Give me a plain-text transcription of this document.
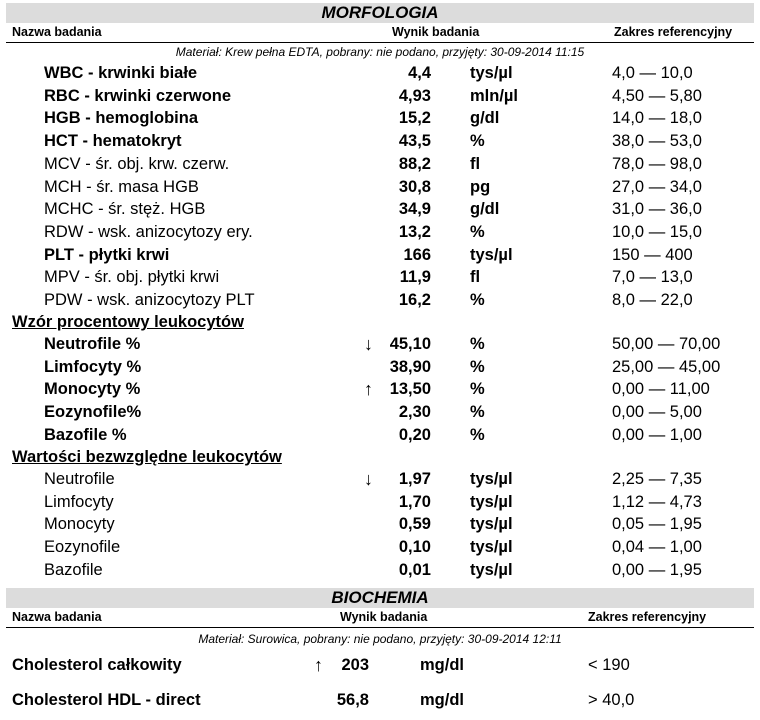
MORFOLOGIA
Nazwa badania	Wynik badania	Zakres referencyjny
Materiał: Krew pełna EDTA, pobrany: nie podano, przyjęty: 30-09-2014 11:15
WBC - krwinki białe	4,4 tys/µl	4,0 — 10,0
RBC - krwinki czerwone	4,93 mln/µl	4,50 — 5,80
HGB - hemoglobina	15,2 g/dl	14,0 — 18,0
HCT - hematokryt	43,5 %	38,0 — 53,0
MCV - śr. obj. krw. czerw.	88,2 fl	78,0 — 98,0
MCH - śr. masa HGB	30,8 pg	27,0 — 34,0
MCHC - śr. stęż. HGB	34,9 g/dl	31,0 — 36,0
RDW - wsk. anizocytozy ery.	13,2 %	10,0 — 15,0
PLT - płytki krwi	166 tys/µl	150 — 400
MPV - śr. obj. płytki krwi	11,9 fl	7,0 — 13,0
PDW - wsk. anizocytozy PLT	16,2 %	8,0 — 22,0
Wzór procentowy leukocytów
Neutrofile %	↓ 45,10 %	50,00 — 70,00
Limfocyty %	38,90 %	25,00 — 45,00
Monocyty %	↑ 13,50 %	0,00 — 11,00
Eozynofile%	2,30 %	0,00 — 5,00
Bazofile %	0,20 %	0,00 — 1,00
Wartości bezwzględne leukocytów
Neutrofile	↓ 1,97 tys/µl	2,25 — 7,35
Limfocyty	1,70 tys/µl	1,12 — 4,73
Monocyty	0,59 tys/µl	0,05 — 1,95
Eozynofile	0,10 tys/µl	0,04 — 1,00
Bazofile	0,01 tys/µl	0,00 — 1,95
BIOCHEMIA
Nazwa badania	Wynik badania	Zakres referencyjny
Materiał: Surowica, pobrany: nie podano, przyjęty: 30-09-2014 12:11
Cholesterol całkowity	↑ 203	mg/dl	< 190
Cholesterol HDL - direct	56,8	mg/dl	> 40,0
